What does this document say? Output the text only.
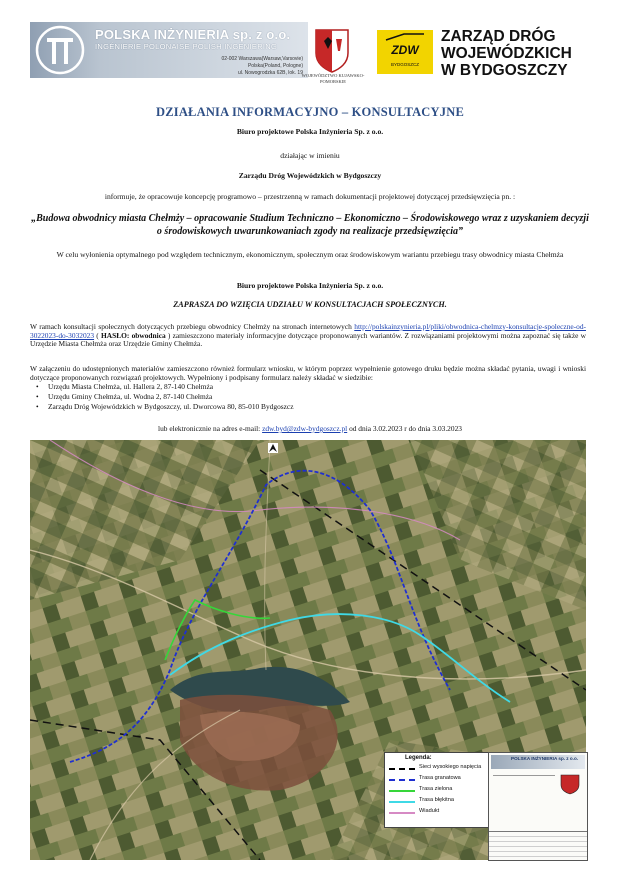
POLSKA INŻYNIERIA sp. z o.o.
INGÉNIERIE POLONAISE·POLISH INGENIERING
02-002 Warszawa(Warsaw,Varsovie)
Polska(Poland, Pologne)
ul. Nowogrodzka 62B, lok. 19
WOJEWÓDZTWO KUJAWSKO-POMORSKIE
ZDW
BYDGOSZCZ
ZARZĄD DRÓG
WOJEWÓDZKICH
W BYDGOSZCZY
DZIAŁANIA INFORMACYJNO – KONSULTACYJNE
Biuro projektowe Polska Inżynieria Sp. z o.o.
działając w imieniu
Zarządu Dróg Wojewódzkich w Bydgoszczy
informuje, że opracowuje koncepcję programowo – przestrzenną w ramach dokumentacji projektowej dotyczącej przedsięwzięcia pn. :
„Budowa obwodnicy miasta Chełmży – opracowanie Studium Techniczno – Ekonomiczno – Środowiskowego wraz z uzyskaniem decyzji o środowiskowych uwarunkowaniach zgody na realizacje przedsięwzięcia”
W celu wyłonienia optymalnego pod względem technicznym, ekonomicznym, społecznym oraz środowiskowym wariantu przebiegu trasy obwodnicy miasta Chełmża
Biuro projektowe Polska Inżynieria Sp. z o.o.
ZAPRASZA DO WZIĘCIA UDZIAŁU W KONSULTACJACH SPOŁECZNYCH.
W ramach konsultacji społecznych dotyczących przebiegu obwodnicy Chełmży na stronach internetowych http://polskainzynieria.pl/pliki/obwodnica-chelmzy-konsultacje-spoleczne-od-3022023-do-3032023 ( HASŁO: obwodnica ) zamieszczono materiały informacyjne dotyczące proponowanych wariantów. Z rozwiązaniami projektowymi można zapoznać się także w Urzędzie Miasta Chełmża oraz Urzędzie Gminy Chełmża.
W załączeniu do udostępnionych materiałów zamieszczono również formularz wniosku, w którym poprzez wypełnienie gotowego druku będzie można składać pytania, uwagi i wnioski dotyczące proponowanych rozwiązań projektowych. Wypełniony i podpisany formularz należy składać w siedzibie:
• Urzędu Miasta Chełmża, ul. Hallera 2, 87-140 Chełmża
• Urzędu Gminy Chełmża, ul. Wodna 2, 87-140 Chełmża
• Zarządu Dróg Wojewódzkich w Bydgoszczy, ul. Dworcowa 80, 85-010 Bydgoszcz
lub elektronicznie na adres e-mail: zdw.byd@zdw-bydgoszcz.pl od dnia 3.02.2023 r do dnia 3.03.2023
Legenda:
Sieci wysokiego napięcia
Trasa granatowa
Trasa zielona
Trasa błękitna
Wiadukt
POLSKA INŻYNIERIA sp. z o.o.
